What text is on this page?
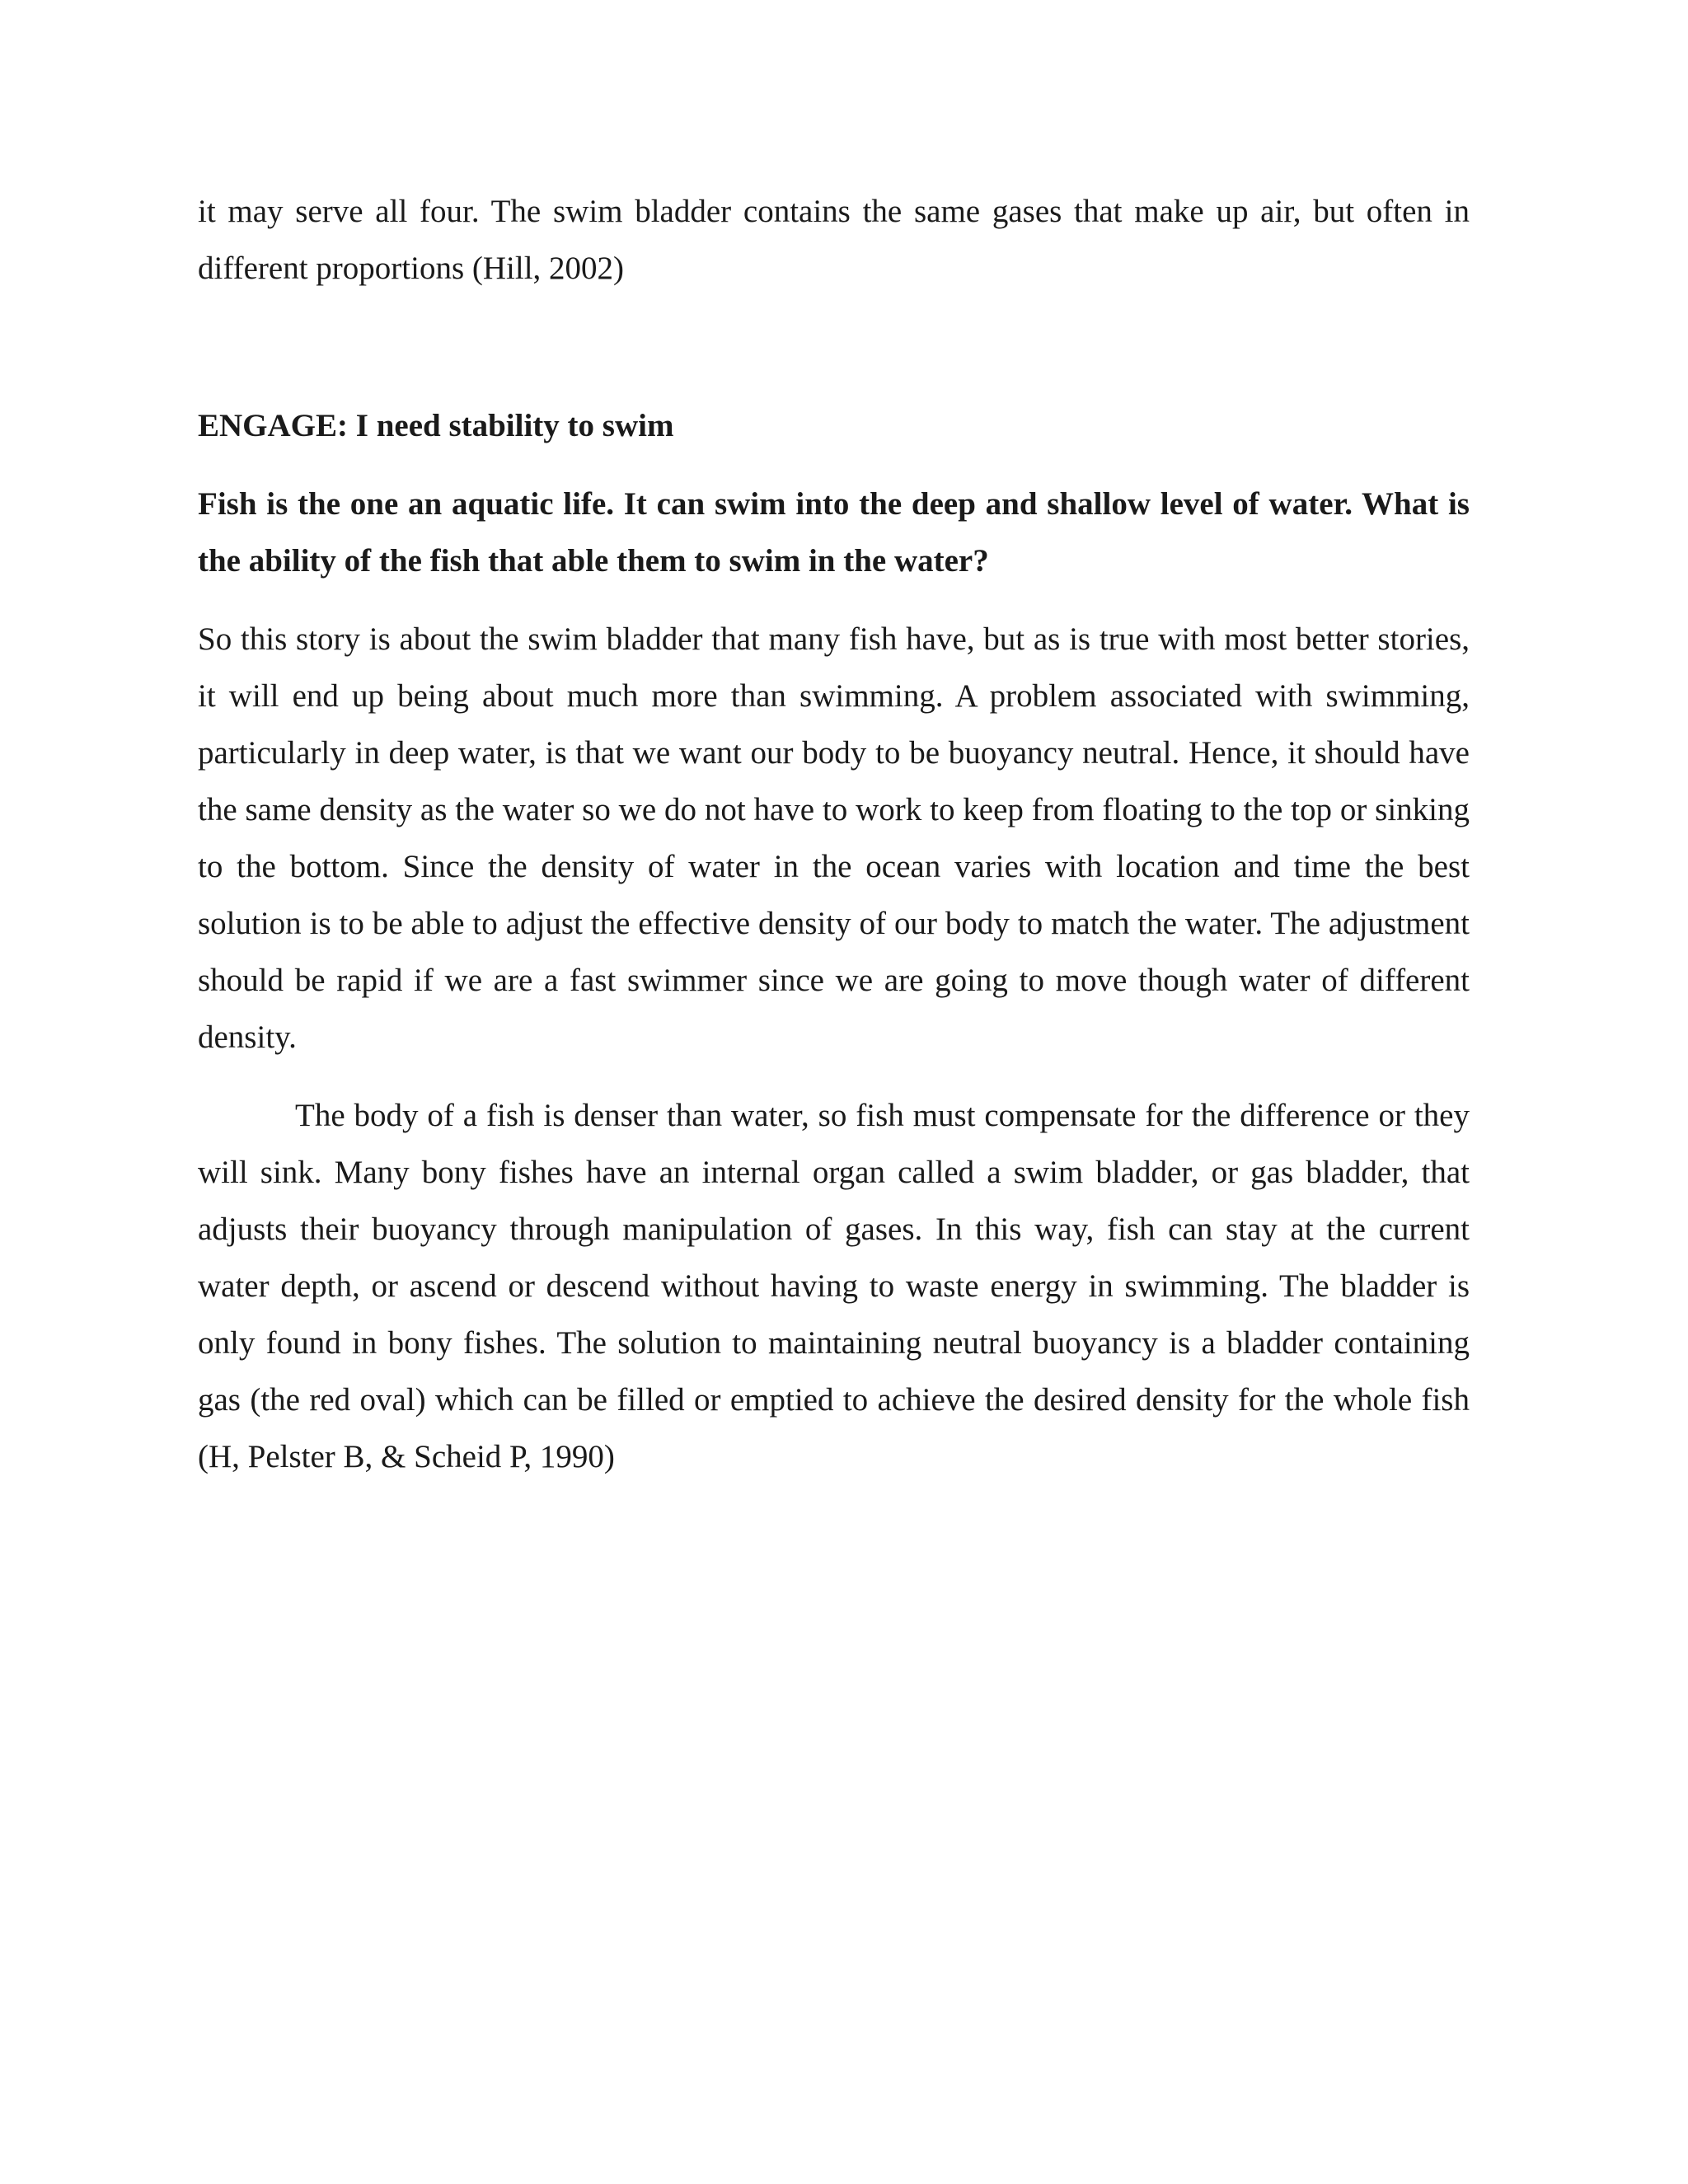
it may serve all four. The swim bladder contains the same gases that make up air, but often in different proportions (Hill, 2002)

ENGAGE: I need stability to swim

Fish is the one an aquatic life. It can swim into the deep and shallow level of water. What is the ability of the fish that able them to swim in the water?

So this story is about the swim bladder that many fish have, but as is true with most better stories, it will end up being about much more than swimming. A problem associated with swimming, particularly in deep water, is that we want our body to be buoyancy neutral. Hence, it should have the same density as the water so we do not have to work to keep from floating to the top or sinking to the bottom. Since the density of water in the ocean varies with location and time the best solution is to be able to adjust the effective density of our body to match the water. The adjustment should be rapid if we are a fast swimmer since we are going to move though water of different density.

The body of a fish is denser than water, so fish must compensate for the difference or they will sink. Many bony fishes have an internal organ called a swim bladder, or gas bladder, that adjusts their buoyancy through manipulation of gases. In this way, fish can stay at the current water depth, or ascend or descend without having to waste energy in swimming. The bladder is only found in bony fishes. The solution to maintaining neutral buoyancy is a bladder containing gas (the red oval) which can be filled or emptied to achieve the desired density for the whole fish (H, Pelster B, & Scheid P, 1990)
